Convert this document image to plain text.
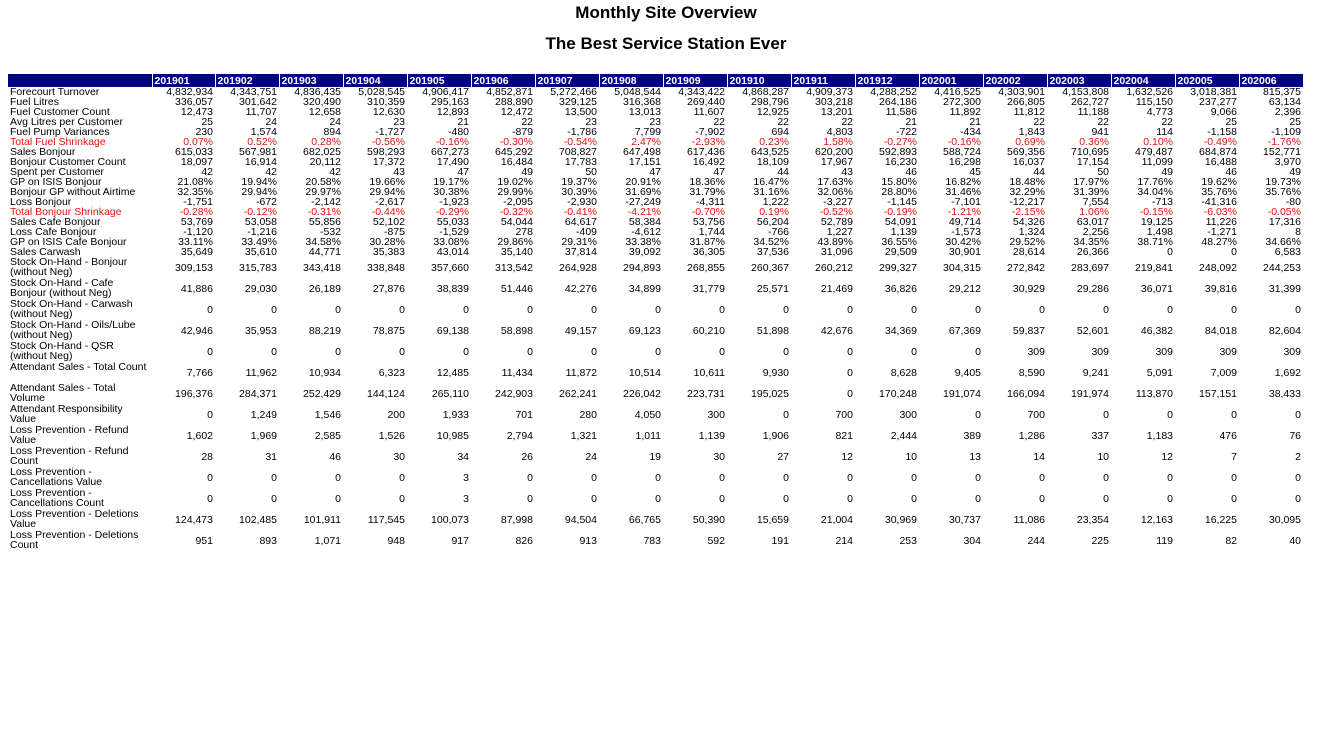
Monthly Site Overview
The Best Service Station Ever
	201901	201902	201903	201904	201905	201906	201907	201908	201909	201910	201911	201912	202001	202002	202003	202004	202005	202006
Forecourt Turnover	4,832,934	4,343,751	4,836,435	5,028,545	4,906,417	4,852,871	5,272,466	5,048,544	4,343,422	4,868,287	4,909,373	4,288,252	4,416,525	4,303,901	4,153,808	1,632,526	3,018,381	815,375
Fuel Litres	336,057	301,642	320,490	310,359	295,163	288,890	329,125	316,368	269,440	298,796	303,218	264,186	272,300	266,805	262,727	115,150	237,277	63,134
Fuel Customer Count	12,473	11,707	12,658	12,630	12,893	12,472	13,500	13,013	11,607	12,925	13,201	11,586	11,892	11,812	11,188	4,773	9,066	2,396
Avg Litres per Customer	25	24	24	23	21	22	23	23	22	22	22	21	21	22	22	22	25	25
Fuel Pump Variances	230	1,574	894	-1,727	-480	-879	-1,786	7,799	-7,902	694	4,803	-722	-434	1,843	941	114	-1,158	-1,109
Total Fuel Shrinkage	0.07%	0.52%	0.28%	-0.56%	-0.16%	-0.30%	-0.54%	2.47%	-2.93%	0.23%	1.58%	-0.27%	-0.16%	0.69%	0.36%	0.10%	-0.49%	-1.76%
Sales Bonjour	615,033	567,981	682,025	598,293	667,273	645,292	708,827	647,498	617,436	643,525	620,200	592,893	588,724	569,356	710,695	479,487	684,874	152,771
Bonjour Customer Count	18,097	16,914	20,112	17,372	17,490	16,484	17,783	17,151	16,492	18,109	17,967	16,230	16,298	16,037	17,154	11,099	16,488	3,970
Spent per Customer	42	42	42	43	47	49	50	47	47	44	43	46	45	44	50	49	46	49
GP on ISIS Bonjour	21.08%	19.94%	20.58%	19.66%	19.17%	19.02%	19.37%	20.91%	18.36%	16.47%	17.63%	15.80%	16.82%	18.48%	17.97%	17.76%	19.62%	19.73%
Bonjour GP without Airtime	32.35%	29.94%	29.97%	29.94%	30.38%	29.99%	30.39%	31.69%	31.79%	31.16%	32.06%	28.80%	31.46%	32.29%	31.39%	34.04%	35.76%	35.76%
Loss Bonjour	-1,751	-672	-2,142	-2,617	-1,923	-2,095	-2,930	-27,249	-4,311	1,222	-3,227	-1,145	-7,101	-12,217	7,554	-713	-41,316	-80
Total Bonjour Shrinkage	-0.28%	-0.12%	-0.31%	-0.44%	-0.29%	-0.32%	-0.41%	-4.21%	-0.70%	0.19%	-0.52%	-0.19%	-1.21%	-2.15%	1.06%	-0.15%	-6.03%	-0.05%
Sales Cafe Bonjour	53,769	53,058	55,856	52,102	55,033	54,044	64,617	58,384	53,756	56,204	52,789	54,091	49,714	54,326	63,017	19,125	11,226	17,316
Loss Cafe Bonjour	-1,120	-1,216	-532	-875	-1,529	278	-409	-4,612	1,744	-766	1,227	1,139	-1,573	1,324	2,256	1,498	-1,271	8
GP on ISIS Cafe Bonjour	33.11%	33.49%	34.58%	30.28%	33.08%	29.86%	29.31%	33.38%	31.87%	34.52%	43.89%	36.55%	30.42%	29.52%	34.35%	38.71%	48.27%	34.66%
Sales Carwash	35,649	35,610	44,771	35,383	43,014	35,140	37,814	39,092	36,305	37,536	31,096	29,509	30,901	28,614	26,366	0	0	6,583
Stock On-Hand - Bonjour (without Neg)	309,153	315,783	343,418	338,848	357,660	313,542	264,928	294,893	268,855	260,367	260,212	299,327	304,315	272,842	283,697	219,841	248,092	244,253
Stock On-Hand - Cafe Bonjour (without Neg)	41,886	29,030	26,189	27,876	38,839	51,446	42,276	34,899	31,779	25,571	21,469	36,826	29,212	30,929	29,286	36,071	39,816	31,399
Stock On-Hand - Carwash (without Neg)	0	0	0	0	0	0	0	0	0	0	0	0	0	0	0	0	0	0
Stock On-Hand - Oils/Lube (without Neg)	42,946	35,953	88,219	78,875	69,138	58,898	49,157	69,123	60,210	51,898	42,676	34,369	67,369	59,837	52,601	46,382	84,018	82,604
Stock On-Hand - QSR (without Neg)	0	0	0	0	0	0	0	0	0	0	0	0	0	309	309	309	309	309
Attendant Sales - Total Count	7,766	11,962	10,934	6,323	12,485	11,434	11,872	10,514	10,611	9,930	0	8,628	9,405	8,590	9,241	5,091	7,009	1,692
Attendant Sales - Total Volume	196,376	284,371	252,429	144,124	265,110	242,903	262,241	226,042	223,731	195,025	0	170,248	191,074	166,094	191,974	113,870	157,151	38,433
Attendant Responsibility Value	0	1,249	1,546	200	1,933	701	280	4,050	300	0	700	300	0	700	0	0	0	0
Loss Prevention - Refund Value	1,602	1,969	2,585	1,526	10,985	2,794	1,321	1,011	1,139	1,906	821	2,444	389	1,286	337	1,183	476	76
Loss Prevention - Refund Count	28	31	46	30	34	26	24	19	30	27	12	10	13	14	10	12	7	2
Loss Prevention - Cancellations Value	0	0	0	0	3	0	0	0	0	0	0	0	0	0	0	0	0	0
Loss Prevention - Cancellations Count	0	0	0	0	3	0	0	0	0	0	0	0	0	0	0	0	0	0
Loss Prevention - Deletions Value	124,473	102,485	101,911	117,545	100,073	87,998	94,504	66,765	50,390	15,659	21,004	30,969	30,737	11,086	23,354	12,163	16,225	30,095
Loss Prevention - Deletions Count	951	893	1,071	948	917	826	913	783	592	191	214	253	304	244	225	119	82	40
